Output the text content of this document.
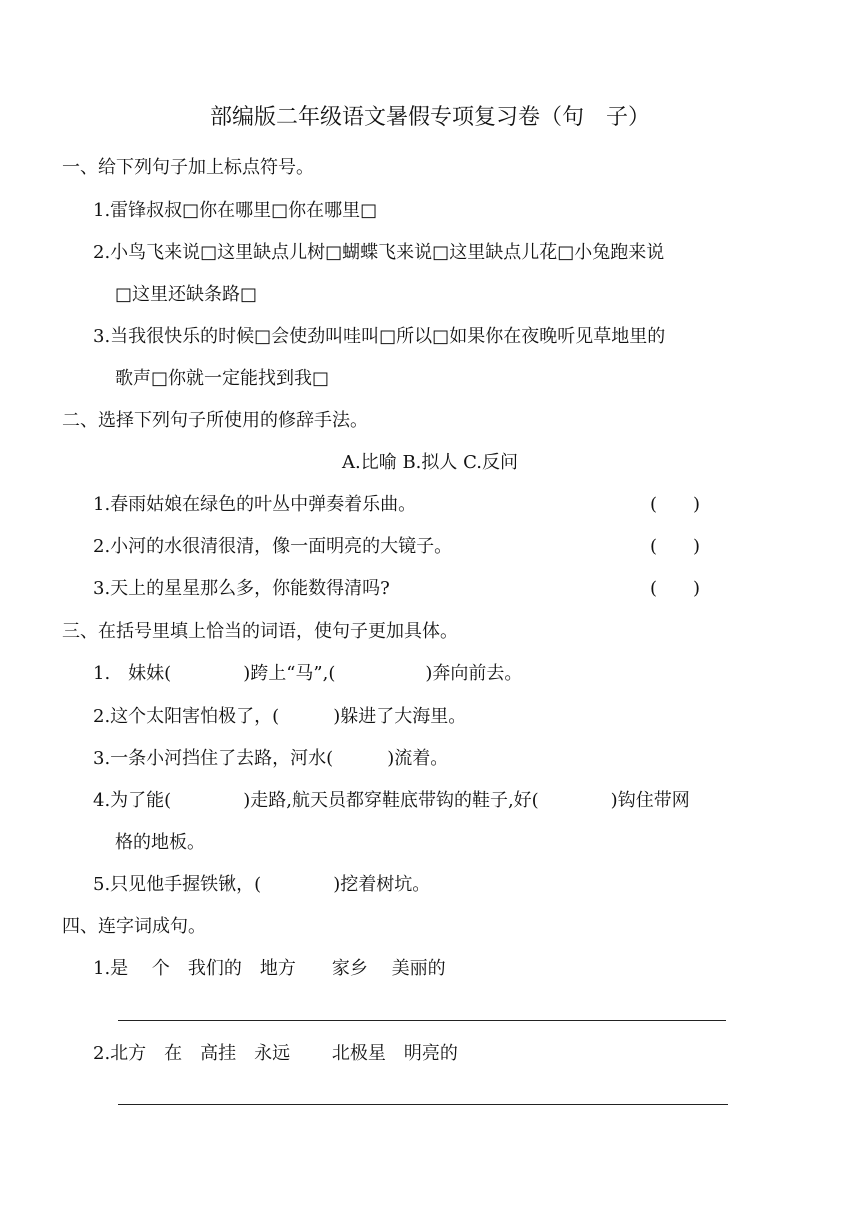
部编版二年级语文暑假专项复习卷（句　子）
一、给下列句子加上标点符号。
1.雷锋叔叔□你在哪里□你在哪里□
2.小鸟飞来说□这里缺点儿树□蝴蝶飞来说□这里缺点儿花□小兔跑来说
□这里还缺条路□
3.当我很快乐的时候□会使劲叫哇叫□所以□如果你在夜晚听见草地里的
歌声□你就一定能找到我□
二、选择下列句子所使用的修辞手法。
A.比喻 B.拟人 C.反问
1.春雨姑娘在绿色的叶丛中弹奏着乐曲。	(　　)
2.小河的水很清很清，像一面明亮的大镜子。	(　　)
3.天上的星星那么多，你能数得清吗?	(　　)
三、在括号里填上恰当的词语，使句子更加具体。
1.　妹妹(　　　　)跨上“马”,(　　　　　)奔向前去。
2.这个太阳害怕极了，(　　　)躲进了大海里。
3.一条小河挡住了去路，河水(　　　)流着。
4.为了能(　　　　)走路,航天员都穿鞋底带钩的鞋子,好(　　　　)钩住带网
格的地板。
5.只见他手握铁锹，(　　　　)挖着树坑。
四、连字词成句。
1.是　 个　我们的　地方　　家乡　 美丽的
2.北方　在　高挂　永远　　 北极星　明亮的
